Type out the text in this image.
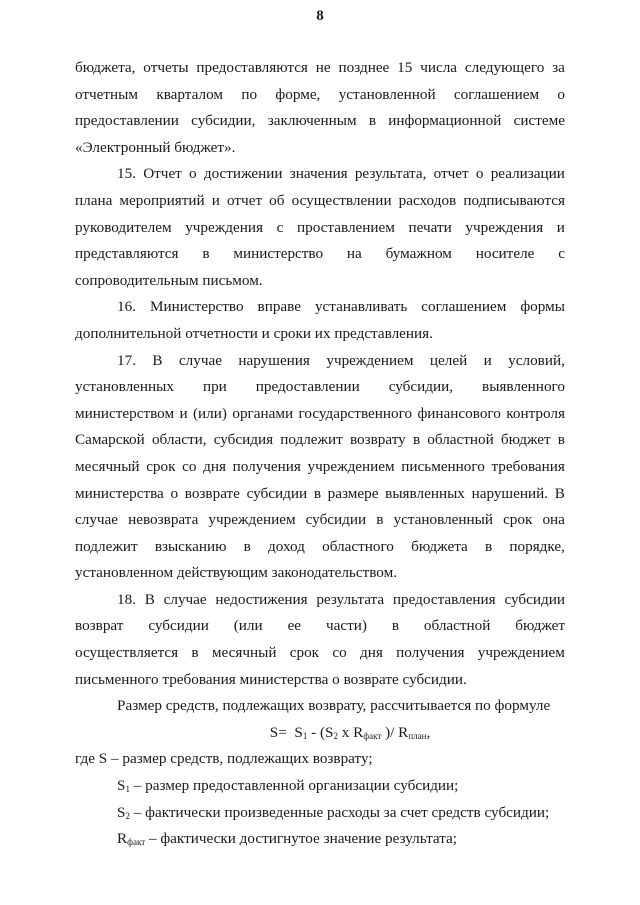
8
бюджета, отчеты предоставляются не позднее 15 числа следующего за
отчетным кварталом по форме, установленной соглашением о
предоставлении субсидии, заключенным в информационной системе
«Электронный бюджет».
15. Отчет о достижении значения результата, отчет о реализации
плана мероприятий и отчет об осуществлении расходов подписываются
руководителем учреждения с проставлением печати учреждения и
представляются в министерство на бумажном носителе с
сопроводительным письмом.
16. Министерство вправе устанавливать соглашением формы
дополнительной отчетности и сроки их представления.
17. В случае нарушения учреждением целей и условий,
установленных при предоставлении субсидии, выявленного
министерством и (или) органами государственного финансового контроля
Самарской области, субсидия подлежит возврату в областной бюджет в
месячный срок со дня получения учреждением письменного требования
министерства о возврате субсидии в размере выявленных нарушений. В
случае невозврата учреждением субсидии в установленный срок она
подлежит взысканию в доход областного бюджета в порядке,
установленном действующим законодательством.
18. В случае недостижения результата предоставления субсидии
возврат субсидии (или ее части) в областной бюджет
осуществляется в месячный срок со дня получения учреждением
письменного требования министерства о возврате субсидии.
Размер средств, подлежащих возврату, рассчитывается по формуле
$S= S_1 - (S_2$ x $R_{факт}$ )/ $R_{план}$,
где S – размер средств, подлежащих возврату;
$S_1$ – размер предоставленной организации субсидии;
$S_2$ – фактически произведенные расходы за счет средств субсидии;
$R_{факт}$ – фактически достигнутое значение результата;
